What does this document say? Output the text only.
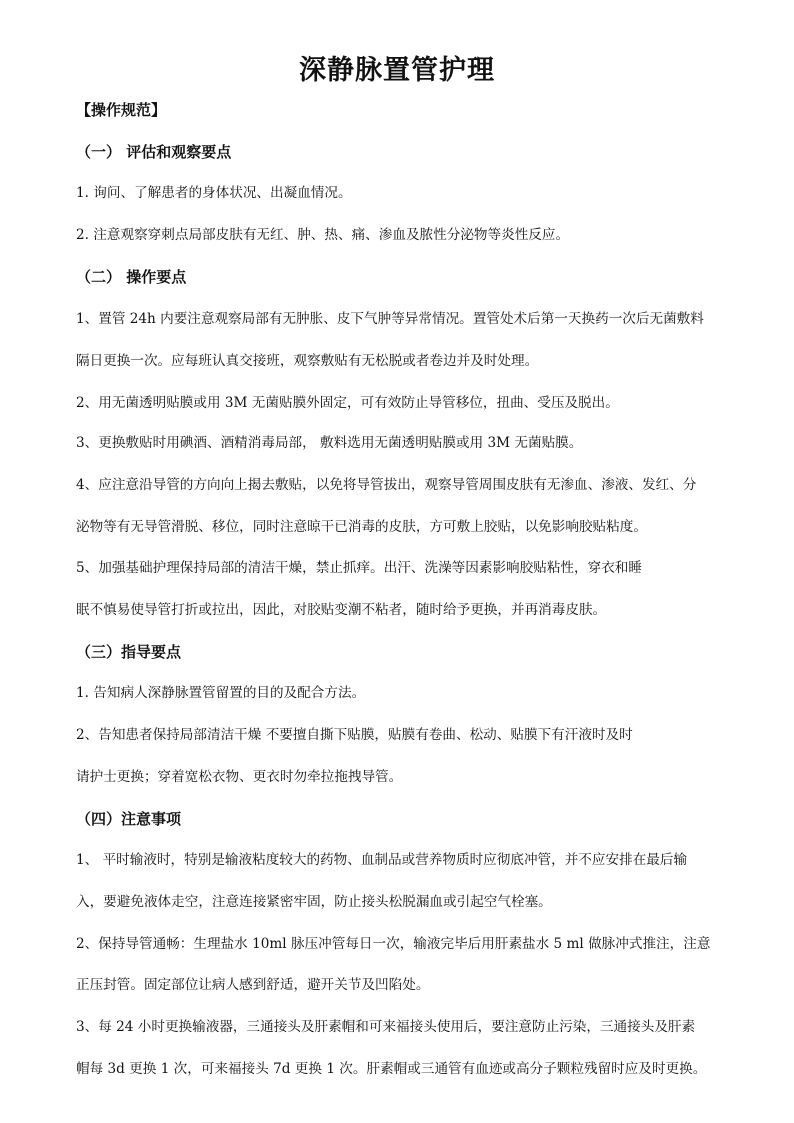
深静脉置管护理
【操作规范】
（一） 评估和观察要点
1. 询问、了解患者的身体状况、出凝血情况。
2. 注意观察穿刺点局部皮肤有无红、肿、热、痛、渗血及脓性分泌物等炎性反应。
（二） 操作要点
1、置管 24h 内要注意观察局部有无肿胀、皮下气肿等异常情况。置管处术后第一天换药一次后无菌敷料
隔日更换一次。应每班认真交接班，观察敷贴有无松脱或者卷边并及时处理。
2、用无菌透明贴膜或用 3M 无菌贴膜外固定，可有效防止导管移位，扭曲、受压及脱出。
3、更换敷贴时用碘酒、酒精消毒局部， 敷料选用无菌透明贴膜或用 3M 无菌贴膜。
4、应注意沿导管的方向向上揭去敷贴，以免将导管拔出，观察导管周围皮肤有无渗血、渗液、发红、分
泌物等有无导管滑脱、移位，同时注意晾干已消毒的皮肤，方可敷上胶贴，以免影响胶贴粘度。
5、加强基础护理保持局部的清洁干燥，禁止抓痒。出汗、洗澡等因素影响胶贴粘性，穿衣和睡
眠不慎易使导管打折或拉出，因此，对胶贴变潮不粘者，随时给予更换，并再消毒皮肤。
（三）指导要点
1. 告知病人深静脉置管留置的目的及配合方法。
2、告知患者保持局部清洁干燥 不要擅自撕下贴膜，贴膜有卷曲、松动、贴膜下有汗液时及时
请护士更换；穿着宽松衣物、更衣时勿牵拉拖拽导管。
（四）注意事项
1、 平时输液时，特别是输液粘度较大的药物、血制品或营养物质时应彻底冲管，并不应安排在最后输
入，要避免液体走空，注意连接紧密牢固，防止接头松脱漏血或引起空气栓塞。
2、保持导管通畅：生理盐水 10ml 脉压冲管每日一次，输液完毕后用肝素盐水 5 ml 做脉冲式推注，注意
正压封管。固定部位让病人感到舒适，避开关节及凹陷处。
3、每 24 小时更换输液器，三通接头及肝素帽和可来福接头使用后，要注意防止污染，三通接头及肝素
帽每 3d 更换 1 次，可来福接头 7d 更换 1 次。肝素帽或三通管有血迹或高分子颗粒残留时应及时更换。
